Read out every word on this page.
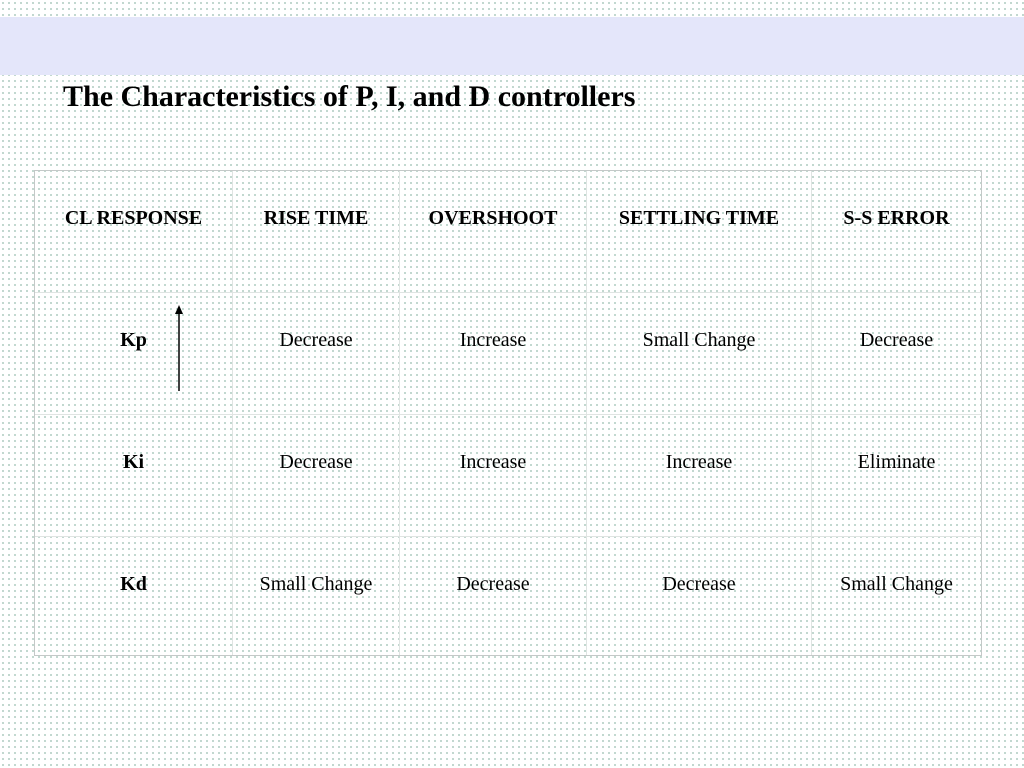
The Characteristics of P, I, and D controllers
CL RESPONSE	RISE TIME	OVERSHOOT	SETTLING TIME	S-S ERROR
Kp	Decrease	Increase	Small Change	Decrease
Ki	Decrease	Increase	Increase	Eliminate
Kd	Small Change	Decrease	Decrease	Small Change
